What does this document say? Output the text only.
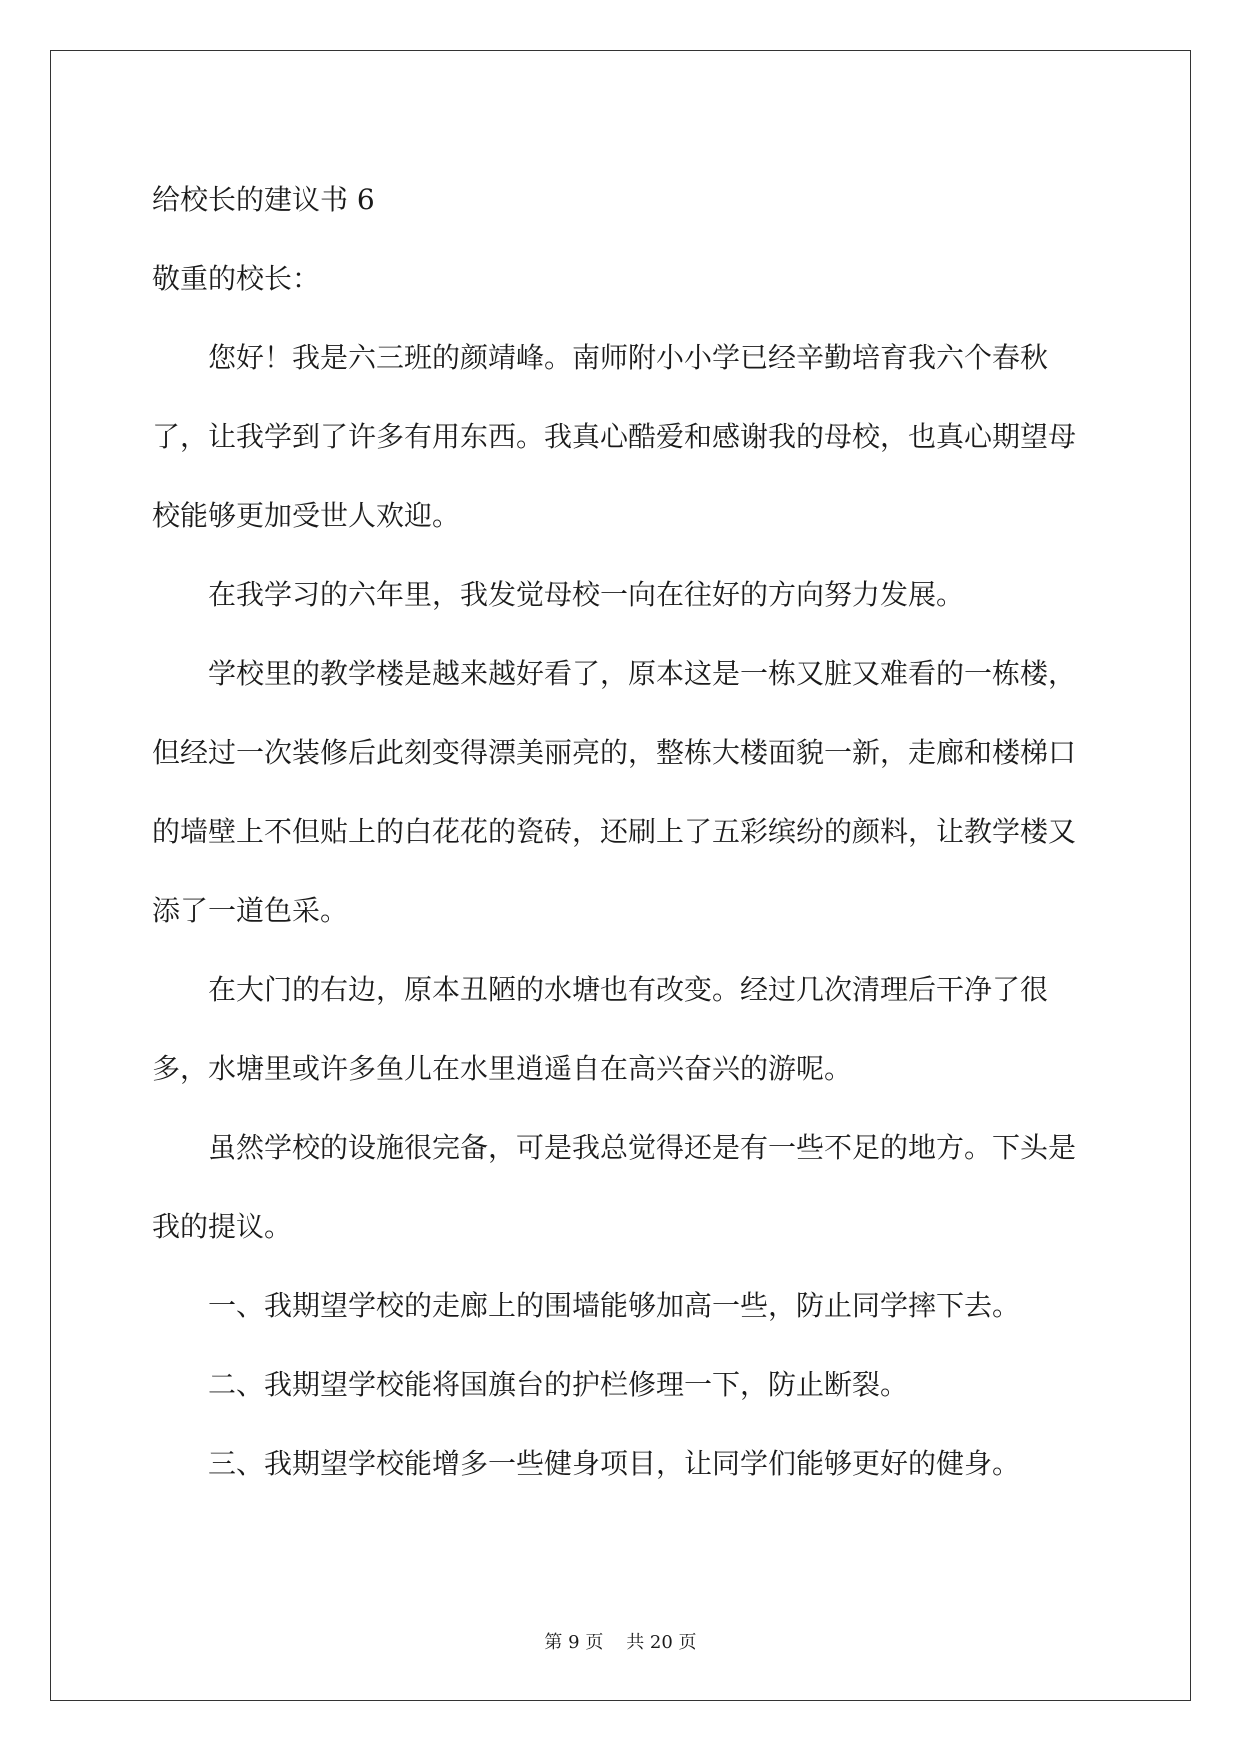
给校长的建议书 6

敬重的校长：

您好！我是六三班的颜靖峰。南师附小小学已经辛勤培育我六个春秋了，让我学到了许多有用东西。我真心酷爱和感谢我的母校，也真心期望母校能够更加受世人欢迎。

在我学习的六年里，我发觉母校一向在往好的方向努力发展。

学校里的教学楼是越来越好看了，原本这是一栋又脏又难看的一栋楼，但经过一次装修后此刻变得漂美丽亮的，整栋大楼面貌一新，走廊和楼梯口的墙壁上不但贴上的白花花的瓷砖，还刷上了五彩缤纷的颜料，让教学楼又添了一道色采。

在大门的右边，原本丑陋的水塘也有改变。经过几次清理后干净了很多，水塘里或许多鱼儿在水里逍遥自在高兴奋兴的游呢。

虽然学校的设施很完备，可是我总觉得还是有一些不足的地方。下头是我的提议。

一、我期望学校的走廊上的围墙能够加高一些，防止同学摔下去。

二、我期望学校能将国旗台的护栏修理一下，防止断裂。

三、我期望学校能增多一些健身项目，让同学们能够更好的健身。

第 9 页    共 20 页
